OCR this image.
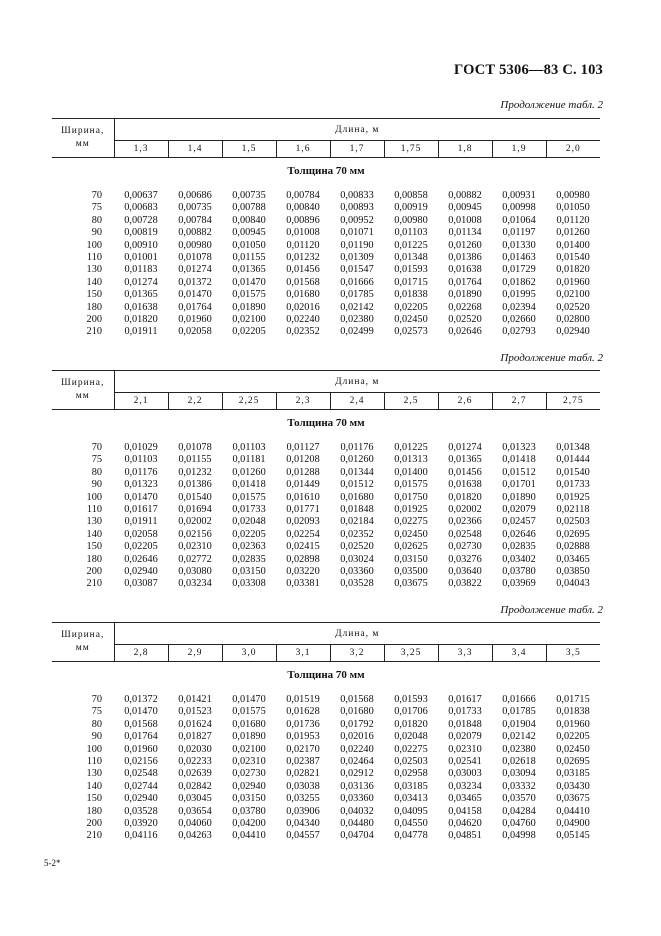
ГОСТ 5306—83 С. 103
Продолжение табл. 2
Ширина,
мм	Длина, м								
	1,3	1,4	1,5	1,6	1,7	1,75	1,8	1,9	2,0
Толщина 70 мм									

70	0,00637	0,00686	0,00735	0,00784	0,00833	0,00858	0,00882	0,00931	0,00980
75	0,00683	0,00735	0,00788	0,00840	0,00893	0,00919	0,00945	0,00998	0,01050
80	0,00728	0,00784	0,00840	0,00896	0,00952	0,00980	0,01008	0,01064	0,01120
90	0,00819	0,00882	0,00945	0,01008	0,01071	0,01103	0,01134	0,01197	0,01260
100	0,00910	0,00980	0,01050	0,01120	0,01190	0,01225	0,01260	0,01330	0,01400
110	0,01001	0,01078	0,01155	0,01232	0,01309	0,01348	0,01386	0,01463	0,01540
130	0,01183	0,01274	0,01365	0,01456	0,01547	0,01593	0,01638	0,01729	0,01820
140	0,01274	0,01372	0,01470	0,01568	0,01666	0,01715	0,01764	0,01862	0,01960
150	0,01365	0,01470	0,01575	0,01680	0,01785	0,01838	0,01890	0,01995	0,02100
180	0,01638	0,01764	0,01890	0,02016	0,02142	0,02205	0,02268	0,02394	0,02520
200	0,01820	0,01960	0,02100	0,02240	0,02380	0,02450	0,02520	0,02660	0,02800
210	0,01911	0,02058	0,02205	0,02352	0,02499	0,02573	0,02646	0,02793	0,02940
Продолжение табл. 2
Ширина,
мм	Длина, м								
	2,1	2,2	2,25	2,3	2,4	2,5	2,6	2,7	2,75
Толщина 70 мм									

70	0,01029	0,01078	0,01103	0,01127	0,01176	0,01225	0,01274	0,01323	0,01348
75	0,01103	0,01155	0,01181	0,01208	0,01260	0,01313	0,01365	0,01418	0,01444
80	0,01176	0,01232	0,01260	0,01288	0,01344	0,01400	0,01456	0,01512	0,01540
90	0,01323	0,01386	0,01418	0,01449	0,01512	0,01575	0,01638	0,01701	0,01733
100	0,01470	0,01540	0,01575	0,01610	0,01680	0,01750	0,01820	0,01890	0,01925
110	0,01617	0,01694	0,01733	0,01771	0,01848	0,01925	0,02002	0,02079	0,02118
130	0,01911	0,02002	0,02048	0,02093	0,02184	0,02275	0,02366	0,02457	0,02503
140	0,02058	0,02156	0,02205	0,02254	0,02352	0,02450	0,02548	0,02646	0,02695
150	0,02205	0,02310	0,02363	0,02415	0,02520	0,02625	0,02730	0,02835	0,02888
180	0,02646	0,02772	0,02835	0,02898	0,03024	0,03150	0,03276	0,03402	0,03465
200	0,02940	0,03080	0,03150	0,03220	0,03360	0,03500	0,03640	0,03780	0,03850
210	0,03087	0,03234	0,03308	0,03381	0,03528	0,03675	0,03822	0,03969	0,04043
Продолжение табл. 2
Ширина,
мм	Длина, м								
	2,8	2,9	3,0	3,1	3,2	3,25	3,3	3,4	3,5
Толщина 70 мм									

70	0,01372	0,01421	0,01470	0,01519	0,01568	0,01593	0,01617	0,01666	0,01715
75	0,01470	0,01523	0,01575	0,01628	0,01680	0,01706	0,01733	0,01785	0,01838
80	0,01568	0,01624	0,01680	0,01736	0,01792	0,01820	0,01848	0,01904	0,01960
90	0,01764	0,01827	0,01890	0,01953	0,02016	0,02048	0,02079	0,02142	0,02205
100	0,01960	0,02030	0,02100	0,02170	0,02240	0,02275	0,02310	0,02380	0,02450
110	0,02156	0,02233	0,02310	0,02387	0,02464	0,02503	0,02541	0,02618	0,02695
130	0,02548	0,02639	0,02730	0,02821	0,02912	0,02958	0,03003	0,03094	0,03185
140	0,02744	0,02842	0,02940	0,03038	0,03136	0,03185	0,03234	0,03332	0,03430
150	0,02940	0,03045	0,03150	0,03255	0,03360	0,03413	0,03465	0,03570	0,03675
180	0,03528	0,03654	0,03780	0,03906	0,04032	0,04095	0,04158	0,04284	0,04410
200	0,03920	0,04060	0,04200	0,04340	0,04480	0,04550	0,04620	0,04760	0,04900
210	0,04116	0,04263	0,04410	0,04557	0,04704	0,04778	0,04851	0,04998	0,05145
5-2*
